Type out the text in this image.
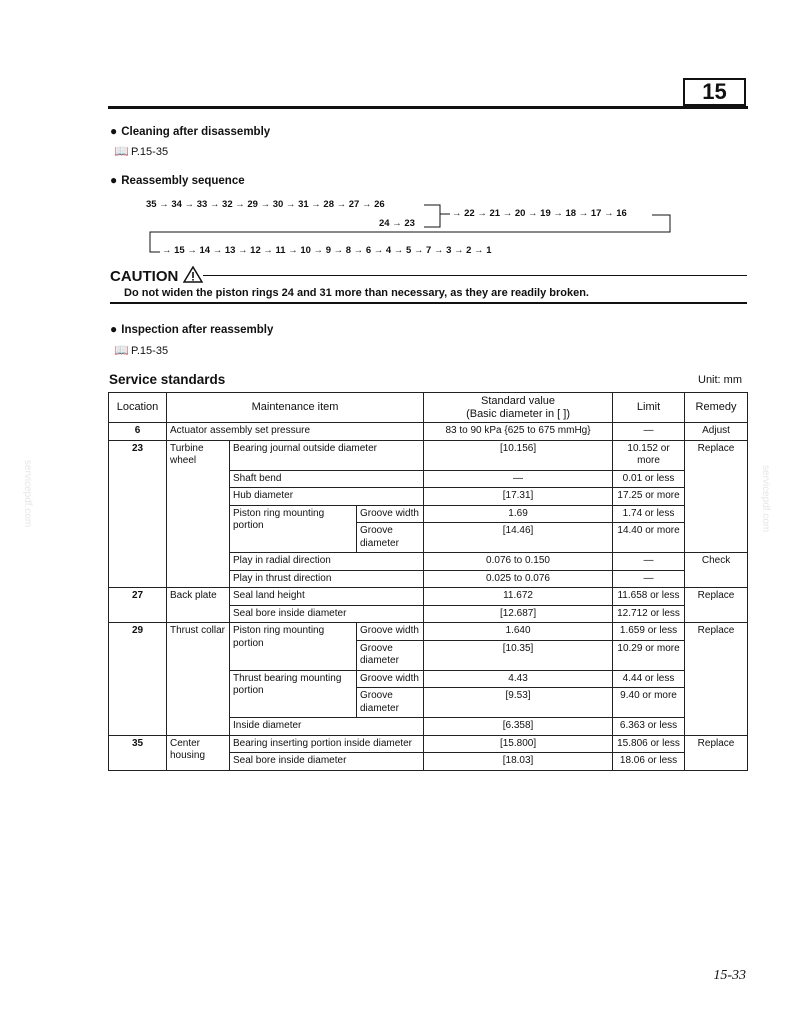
15
● Cleaning after disassembly
📖 P.15-35
● Reassembly sequence
35 → 34 → 33 → 32 → 29 → 30 → 31 → 28 → 27 → 26
24 → 23
→ 22 → 21 → 20 → 19 → 18 → 17 → 16
→ 15 → 14 → 13 → 12 → 11 → 10 → 9 → 8 → 6 → 4 → 5 → 7 → 3 → 2 → 1
CAUTION
Do not widen the piston rings 24 and 31 more than necessary, as they are readily broken.
● Inspection after reassembly
📖 P.15-35
Service standards	Unit: mm
Location	Maintenance item			Standard value
(Basic diameter in [ ])	Limit	Remedy
6	Actuator assembly set pressure			83 to 90 kPa {625 to 675 mmHg}	—	Adjust
23	Turbine wheel	Bearing journal outside diameter		[10.156]	10.152 or more	Replace
		Shaft bend		—	0.01 or less	
		Hub diameter		[17.31]	17.25 or more	
		Piston ring mounting portion	Groove width	1.69	1.74 or less	
			Groove diameter	[14.46]	14.40 or more	
		Play in radial direction		0.076 to 0.150	—	Check
		Play in thrust direction		0.025 to 0.076	—	
27	Back plate	Seal land height		11.672	11.658 or less	Replace
		Seal bore inside diameter		[12.687]	12.712 or less	
29	Thrust collar	Piston ring mounting portion	Groove width	1.640	1.659 or less	Replace
			Groove diameter	[10.35]	10.29 or more	
		Thrust bearing mounting portion	Groove width	4.43	4.44 or less	
			Groove diameter	[9.53]	9.40 or more	
		Inside diameter		[6.358]	6.363 or less	
35	Center housing	Bearing inserting portion inside diameter		[15.800]	15.806 or less	Replace
		Seal bore inside diameter		[18.03]	18.06 or less	
servicepdf.com	servicepdf.com
15-33
